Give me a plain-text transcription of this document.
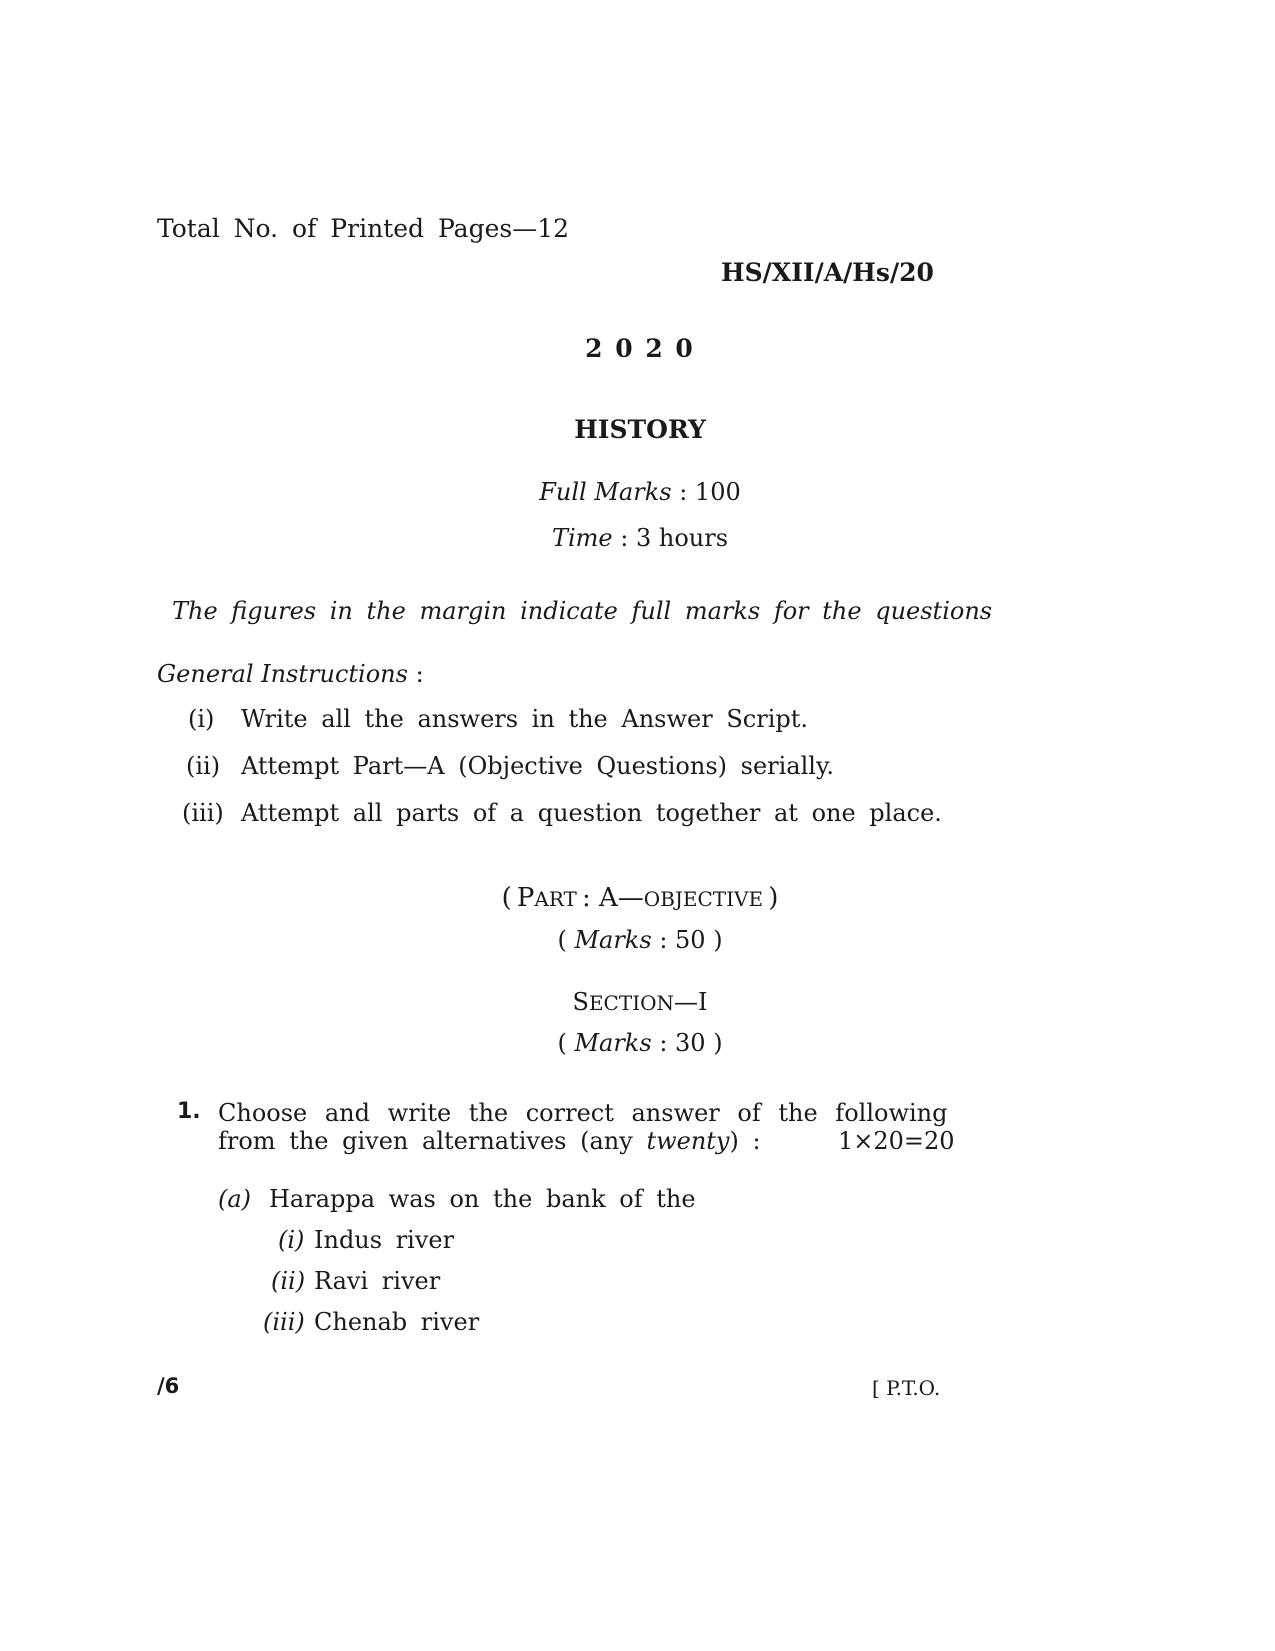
Total No. of Printed Pages—12
HS/XII/A/Hs/20
2 0 2 0
HISTORY
Full Marks : 100
Time : 3 hours
The figures in the margin indicate full marks for the questions
General Instructions :
(i) Write all the answers in the Answer Script.
(ii) Attempt Part—A (Objective Questions) serially.
(iii) Attempt all parts of a question together at one place.
( PART : A—OBJECTIVE )
( Marks : 50 )
SECTION—I
( Marks : 30 )
1. Choose and write the correct answer of the following
from the given alternatives (any twenty) :	1×20=20
(a) Harappa was on the bank of the
(i) Indus river
(ii) Ravi river
(iii) Chenab river
/6	[ P.T.O.
